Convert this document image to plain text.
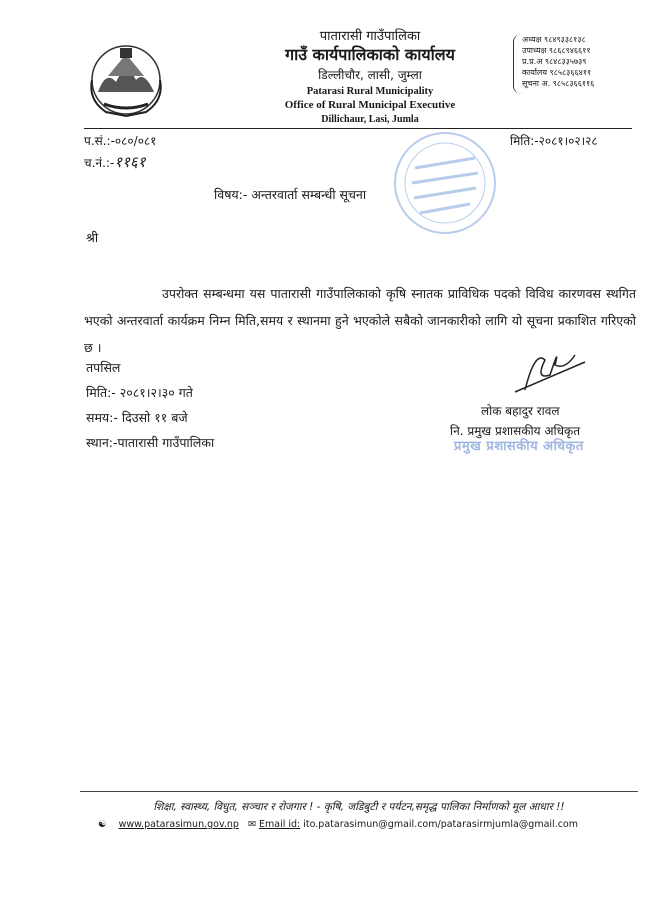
पातारासी गाउँपालिका
गाउँ कार्यपालिकाको कार्यालय
डिल्लीचौर, लासी, जुम्ला
Patarasi Rural Municipality
Office of Rural Municipal Executive
Dillichaur, Lasi, Jumla
अध्यक्ष ९८४९३३८१३८
उपाध्यक्ष ९८६८९४६६११
प्र.प्र.अ ९८४८३३५७३९
कार्यालय ९८५८३६६४११
सूचना अ. ९८५८३६६११६
प.सं.:-०८०/०८१
च.नं.:-११६१
मिति:-२०८१।०२।२८
विषय:- अन्तरवार्ता सम्बन्धी सूचना
श्री
उपरोक्त सम्बन्धमा यस पातारासी गाउँपालिकाको कृषि स्नातक प्राविधिक पदको विविध कारणवस स्थगित भएको अन्तरवार्ता कार्यक्रम निम्न मिति,समय र स्थानमा हुने भएकोले सबैको जानकारीको लागि यो सूचना प्रकाशित गरिएको छ ।
तपसिल
मिति:- २०८१।२।३० गते
समय:- दिउसो ११ बजे
स्थान:-पातारासी गाउँपालिका
लोक बहादुर रावल
नि. प्रमुख प्रशासकीय अधिकृत
प्रमुख प्रशासकीय अधिकृत
शिक्षा, स्वास्थ्य, विधुत, सञ्चार र रोजगार ! - कृषि, जडिबुटी र पर्यटन,समृद्ध पालिका निर्माणको मूल आधार !!
☯ www.patarasimun.gov.np ✉ Email id: ito.patarasimun@gmail.com/patarasirmjumla@gmail.com
